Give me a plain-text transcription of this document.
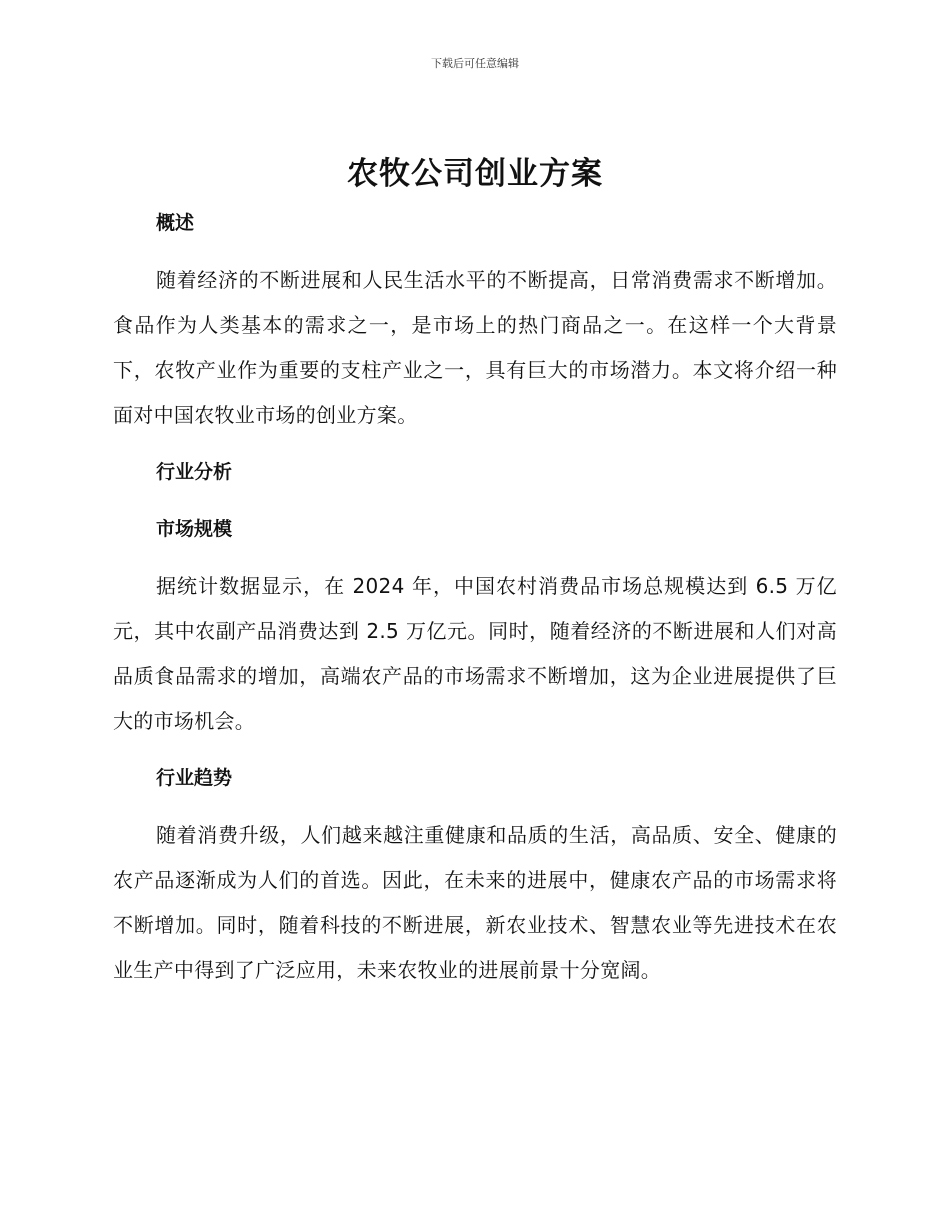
下载后可任意编辑
农牧公司创业方案
概述

随着经济的不断进展和人民生活水平的不断提高，日常消费需求不断增加。食品作为人类基本的需求之一，是市场上的热门商品之一。在这样一个大背景下，农牧产业作为重要的支柱产业之一，具有巨大的市场潜力。本文将介绍一种面对中国农牧业市场的创业方案。

行业分析
市场规模

据统计数据显示，在 2024 年，中国农村消费品市场总规模达到 6.5 万亿元，其中农副产品消费达到 2.5 万亿元。同时，随着经济的不断进展和人们对高品质食品需求的增加，高端农产品的市场需求不断增加，这为企业进展提供了巨大的市场机会。

行业趋势

随着消费升级，人们越来越注重健康和品质的生活，高品质、安全、健康的农产品逐渐成为人们的首选。因此，在未来的进展中，健康农产品的市场需求将不断增加。同时，随着科技的不断进展，新农业技术、智慧农业等先进技术在农业生产中得到了广泛应用，未来农牧业的进展前景十分宽阔。
